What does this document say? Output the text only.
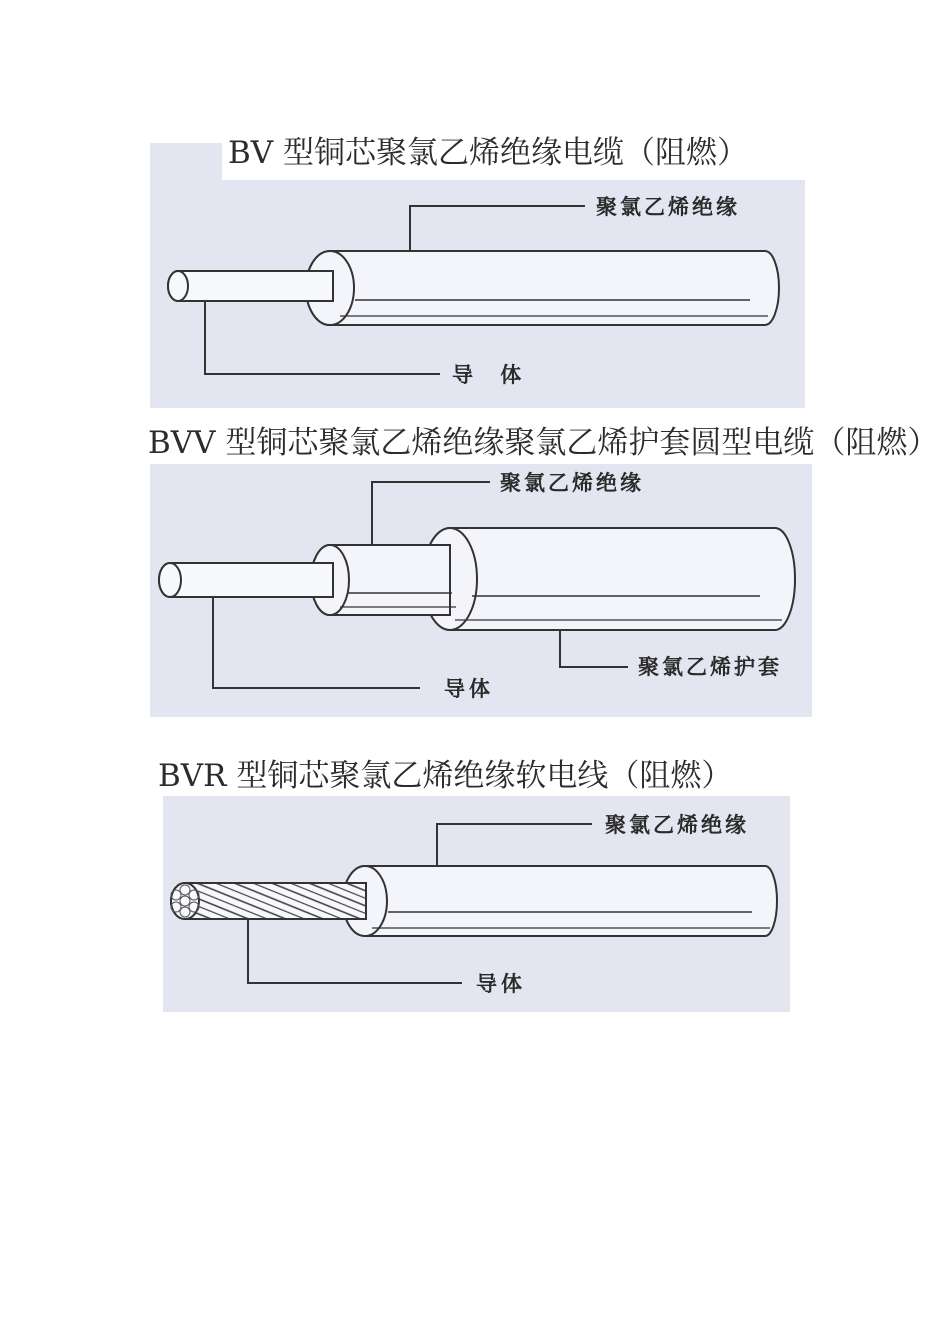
BV 型铜芯聚氯乙烯绝缘电缆（阻燃）
聚氯乙烯绝缘
导 体
BVV 型铜芯聚氯乙烯绝缘聚氯乙烯护套圆型电缆（阻燃）
聚氯乙烯绝缘
聚氯乙烯护套
导体
BVR 型铜芯聚氯乙烯绝缘软电线（阻燃）
聚氯乙烯绝缘
导体
